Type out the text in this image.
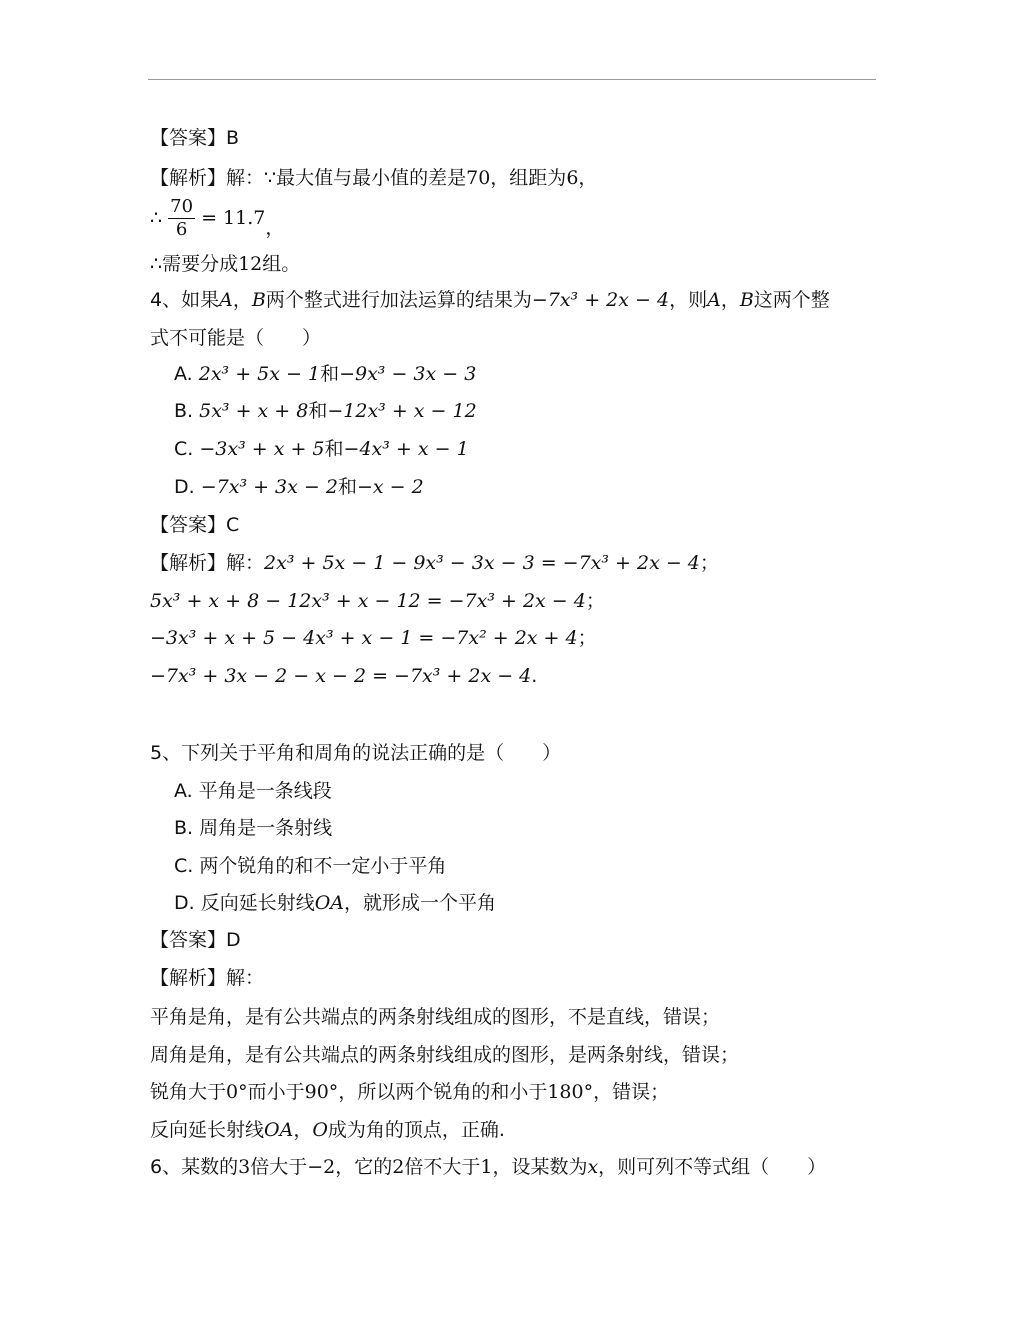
【答案】B
【解析】解：∵最大值与最小值的差是70，组距为6，
∴ $\frac{70}{6} = 11.7$，
∴需要分成12组。
4、如果A，B两个整式进行加法运算的结果为−7x³ + 2x − 4，则A，B这两个整
式不可能是（　　）
A. 2x³ + 5x − 1和−9x³ − 3x − 3
B. 5x³ + x + 8和−12x³ + x − 12
C. −3x³ + x + 5和−4x³ + x − 1
D. −7x³ + 3x − 2和−x − 2
【答案】C
【解析】解：2x³ + 5x − 1 − 9x³ − 3x − 3 = −7x³ + 2x − 4；
5x³ + x + 8 − 12x³ + x − 12 = −7x³ + 2x − 4；
−3x³ + x + 5 − 4x³ + x − 1 = −7x² + 2x + 4；
−7x³ + 3x − 2 − x − 2 = −7x³ + 2x − 4.
5、下列关于平角和周角的说法正确的是（　　）
A. 平角是一条线段
B. 周角是一条射线
C. 两个锐角的和不一定小于平角
D. 反向延长射线OA，就形成一个平角
【答案】D
【解析】解：
平角是角，是有公共端点的两条射线组成的图形，不是直线，错误；
周角是角，是有公共端点的两条射线组成的图形，是两条射线，错误；
锐角大于0°而小于90°，所以两个锐角的和小于180°，错误；
反向延长射线OA，O成为角的顶点，正确.
6、某数的3倍大于−2，它的2倍不大于1，设某数为x，则可列不等式组（　　）
